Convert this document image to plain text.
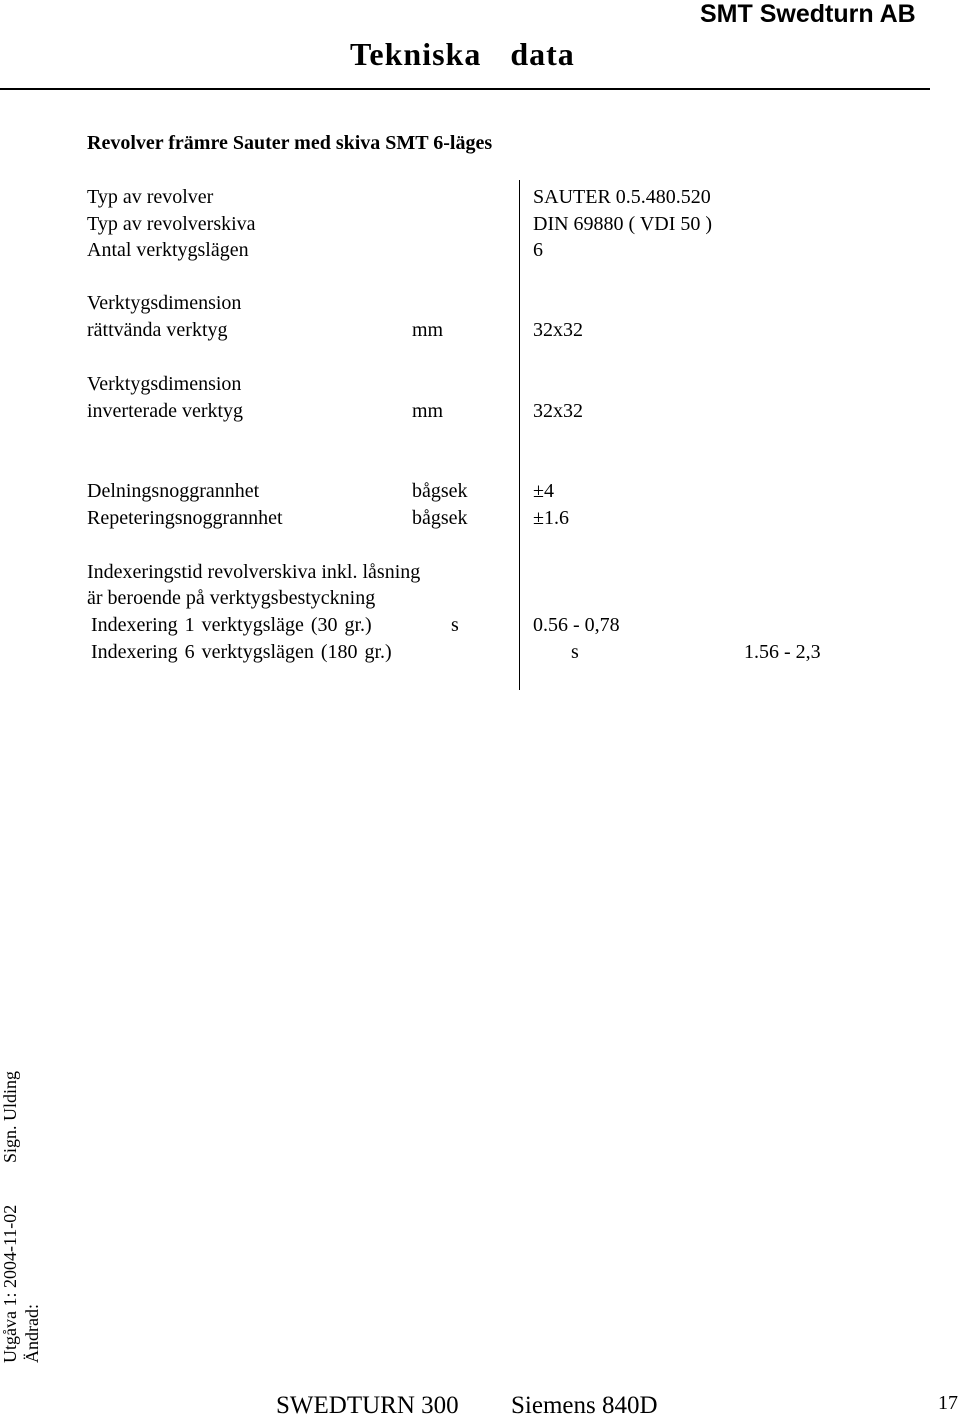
SMT Swedturn AB
Tekniska data
Revolver främre Sauter med skiva SMT 6-läges
Typ av revolver	SAUTER 0.5.480.520
Typ av revolverskiva	DIN 69880 ( VDI 50 )
Antal verktygslägen	6
Verktygsdimension
rättvända verktyg	mm	32x32
Verktygsdimension
inverterade verktyg	mm	32x32
Delningsnoggrannhet	bågsek	±4
Repeteringsnoggrannhet	bågsek	±1.6
Indexeringstid revolverskiva inkl. låsning
är beroende på verktygsbestyckning
Indexering 1 verktygsläge (30 gr.)	s	0.56 - 0,78
Indexering 6 verktygslägen (180 gr.)	s	1.56 - 2,3
Sign. Ulding
Utgåva 1: 2004-11-02 Ändrad:
SWEDTURN 300 Siemens 840D	17
